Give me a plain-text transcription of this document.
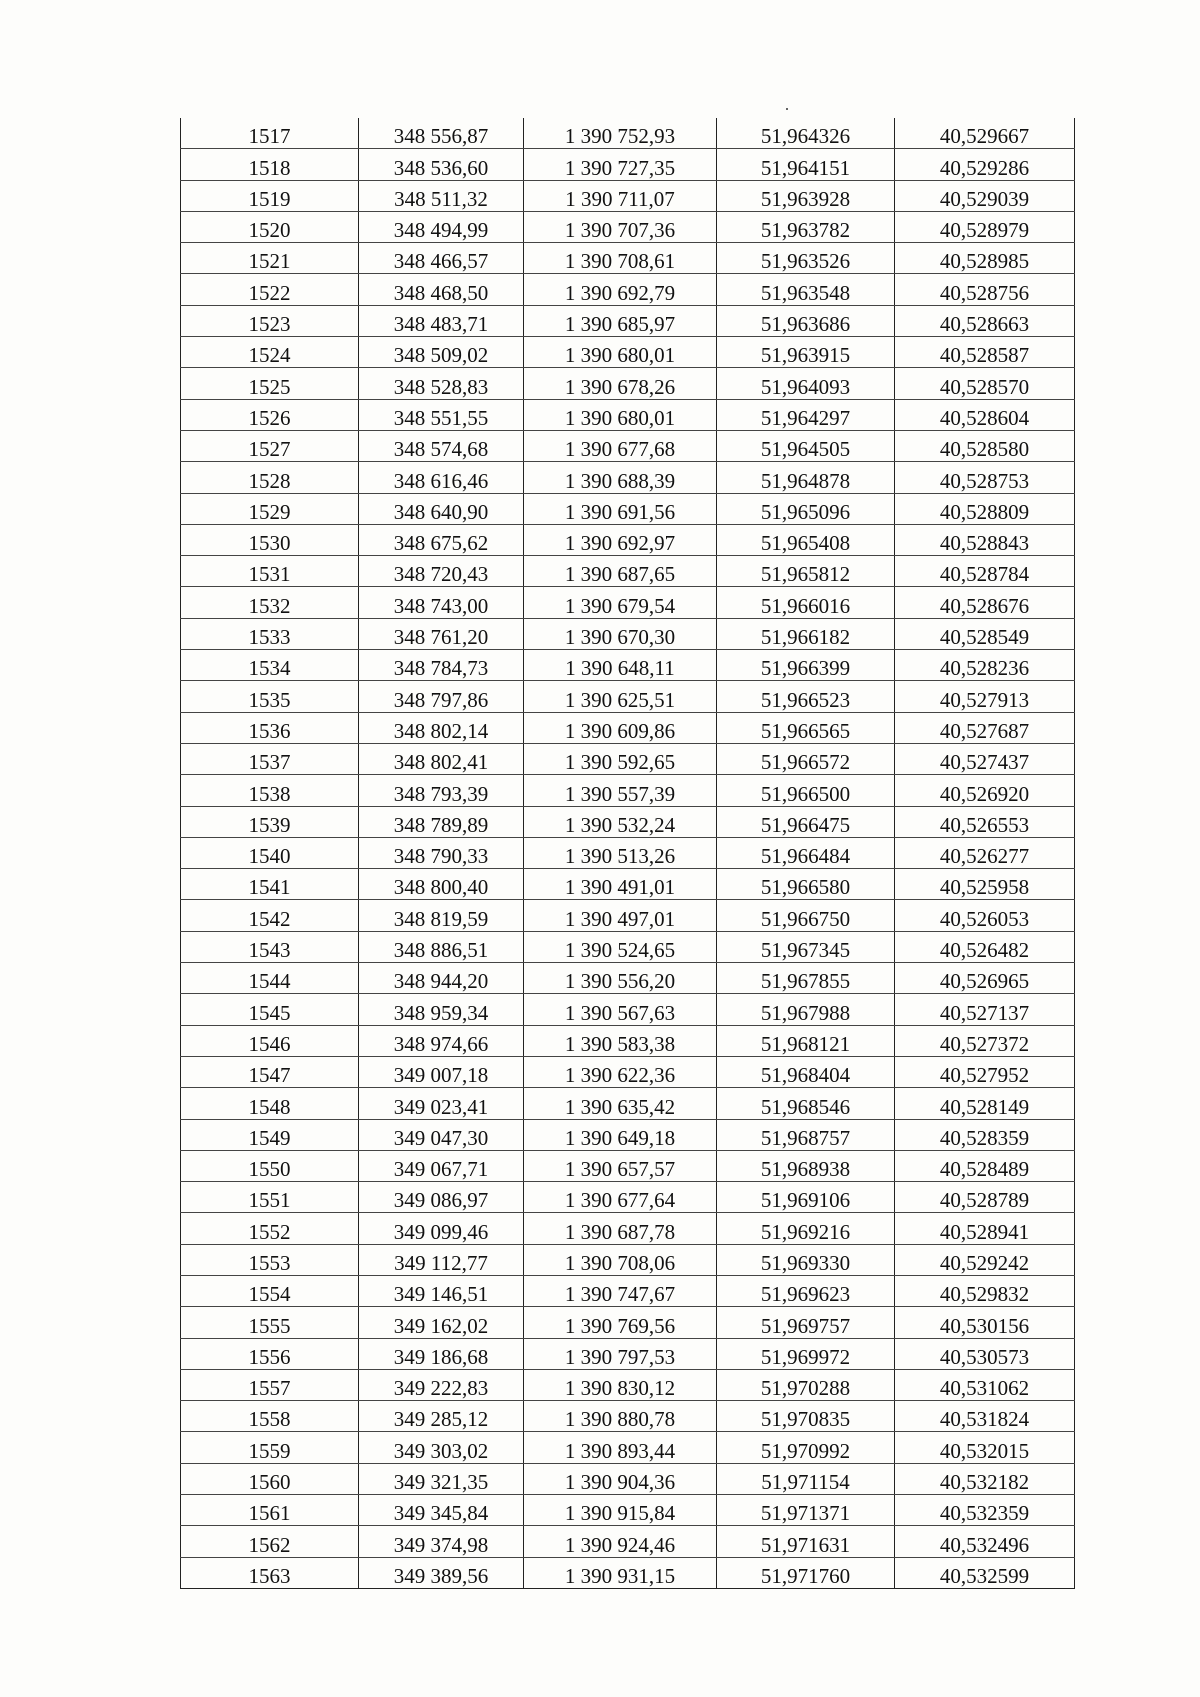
1517	348 556,87	1 390 752,93	51,964326	40,529667
1518	348 536,60	1 390 727,35	51,964151	40,529286
1519	348 511,32	1 390 711,07	51,963928	40,529039
1520	348 494,99	1 390 707,36	51,963782	40,528979
1521	348 466,57	1 390 708,61	51,963526	40,528985
1522	348 468,50	1 390 692,79	51,963548	40,528756
1523	348 483,71	1 390 685,97	51,963686	40,528663
1524	348 509,02	1 390 680,01	51,963915	40,528587
1525	348 528,83	1 390 678,26	51,964093	40,528570
1526	348 551,55	1 390 680,01	51,964297	40,528604
1527	348 574,68	1 390 677,68	51,964505	40,528580
1528	348 616,46	1 390 688,39	51,964878	40,528753
1529	348 640,90	1 390 691,56	51,965096	40,528809
1530	348 675,62	1 390 692,97	51,965408	40,528843
1531	348 720,43	1 390 687,65	51,965812	40,528784
1532	348 743,00	1 390 679,54	51,966016	40,528676
1533	348 761,20	1 390 670,30	51,966182	40,528549
1534	348 784,73	1 390 648,11	51,966399	40,528236
1535	348 797,86	1 390 625,51	51,966523	40,527913
1536	348 802,14	1 390 609,86	51,966565	40,527687
1537	348 802,41	1 390 592,65	51,966572	40,527437
1538	348 793,39	1 390 557,39	51,966500	40,526920
1539	348 789,89	1 390 532,24	51,966475	40,526553
1540	348 790,33	1 390 513,26	51,966484	40,526277
1541	348 800,40	1 390 491,01	51,966580	40,525958
1542	348 819,59	1 390 497,01	51,966750	40,526053
1543	348 886,51	1 390 524,65	51,967345	40,526482
1544	348 944,20	1 390 556,20	51,967855	40,526965
1545	348 959,34	1 390 567,63	51,967988	40,527137
1546	348 974,66	1 390 583,38	51,968121	40,527372
1547	349 007,18	1 390 622,36	51,968404	40,527952
1548	349 023,41	1 390 635,42	51,968546	40,528149
1549	349 047,30	1 390 649,18	51,968757	40,528359
1550	349 067,71	1 390 657,57	51,968938	40,528489
1551	349 086,97	1 390 677,64	51,969106	40,528789
1552	349 099,46	1 390 687,78	51,969216	40,528941
1553	349 112,77	1 390 708,06	51,969330	40,529242
1554	349 146,51	1 390 747,67	51,969623	40,529832
1555	349 162,02	1 390 769,56	51,969757	40,530156
1556	349 186,68	1 390 797,53	51,969972	40,530573
1557	349 222,83	1 390 830,12	51,970288	40,531062
1558	349 285,12	1 390 880,78	51,970835	40,531824
1559	349 303,02	1 390 893,44	51,970992	40,532015
1560	349 321,35	1 390 904,36	51,971154	40,532182
1561	349 345,84	1 390 915,84	51,971371	40,532359
1562	349 374,98	1 390 924,46	51,971631	40,532496
1563	349 389,56	1 390 931,15	51,971760	40,532599
